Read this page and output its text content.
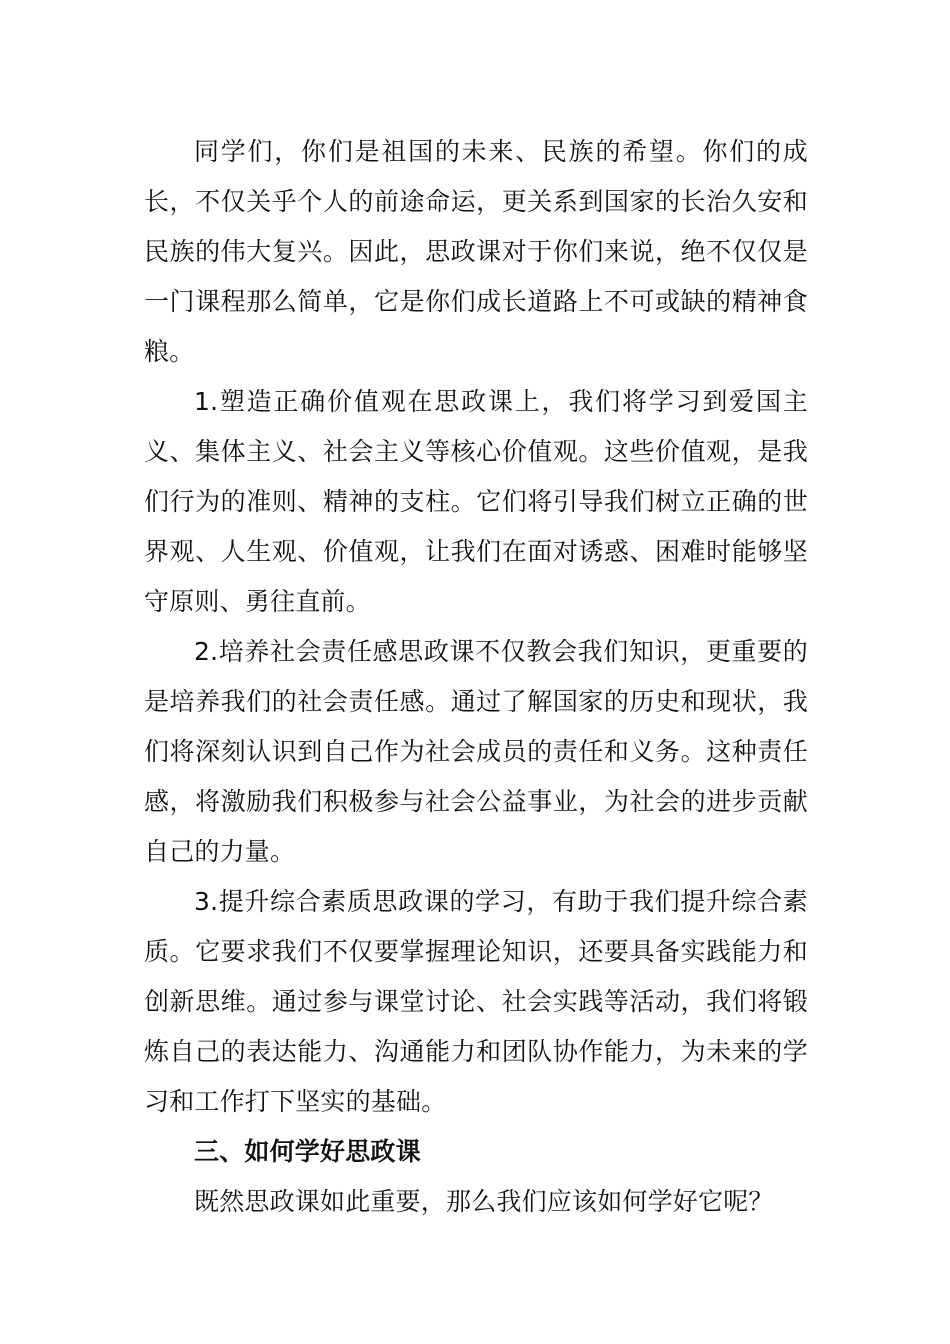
同学们，你们是祖国的未来、民族的希望。你们的成长，不仅关乎个人的前途命运，更关系到国家的长治久安和民族的伟大复兴。因此，思政课对于你们来说，绝不仅仅是一门课程那么简单，它是你们成长道路上不可或缺的精神食粮。

1.塑造正确价值观在思政课上，我们将学习到爱国主义、集体主义、社会主义等核心价值观。这些价值观，是我们行为的准则、精神的支柱。它们将引导我们树立正确的世界观、人生观、价值观，让我们在面对诱惑、困难时能够坚守原则、勇往直前。

2.培养社会责任感思政课不仅教会我们知识，更重要的是培养我们的社会责任感。通过了解国家的历史和现状，我们将深刻认识到自己作为社会成员的责任和义务。这种责任感，将激励我们积极参与社会公益事业，为社会的进步贡献自己的力量。

3.提升综合素质思政课的学习，有助于我们提升综合素质。它要求我们不仅要掌握理论知识，还要具备实践能力和创新思维。通过参与课堂讨论、社会实践等活动，我们将锻炼自己的表达能力、沟通能力和团队协作能力，为未来的学习和工作打下坚实的基础。

三、如何学好思政课

既然思政课如此重要，那么我们应该如何学好它呢？
